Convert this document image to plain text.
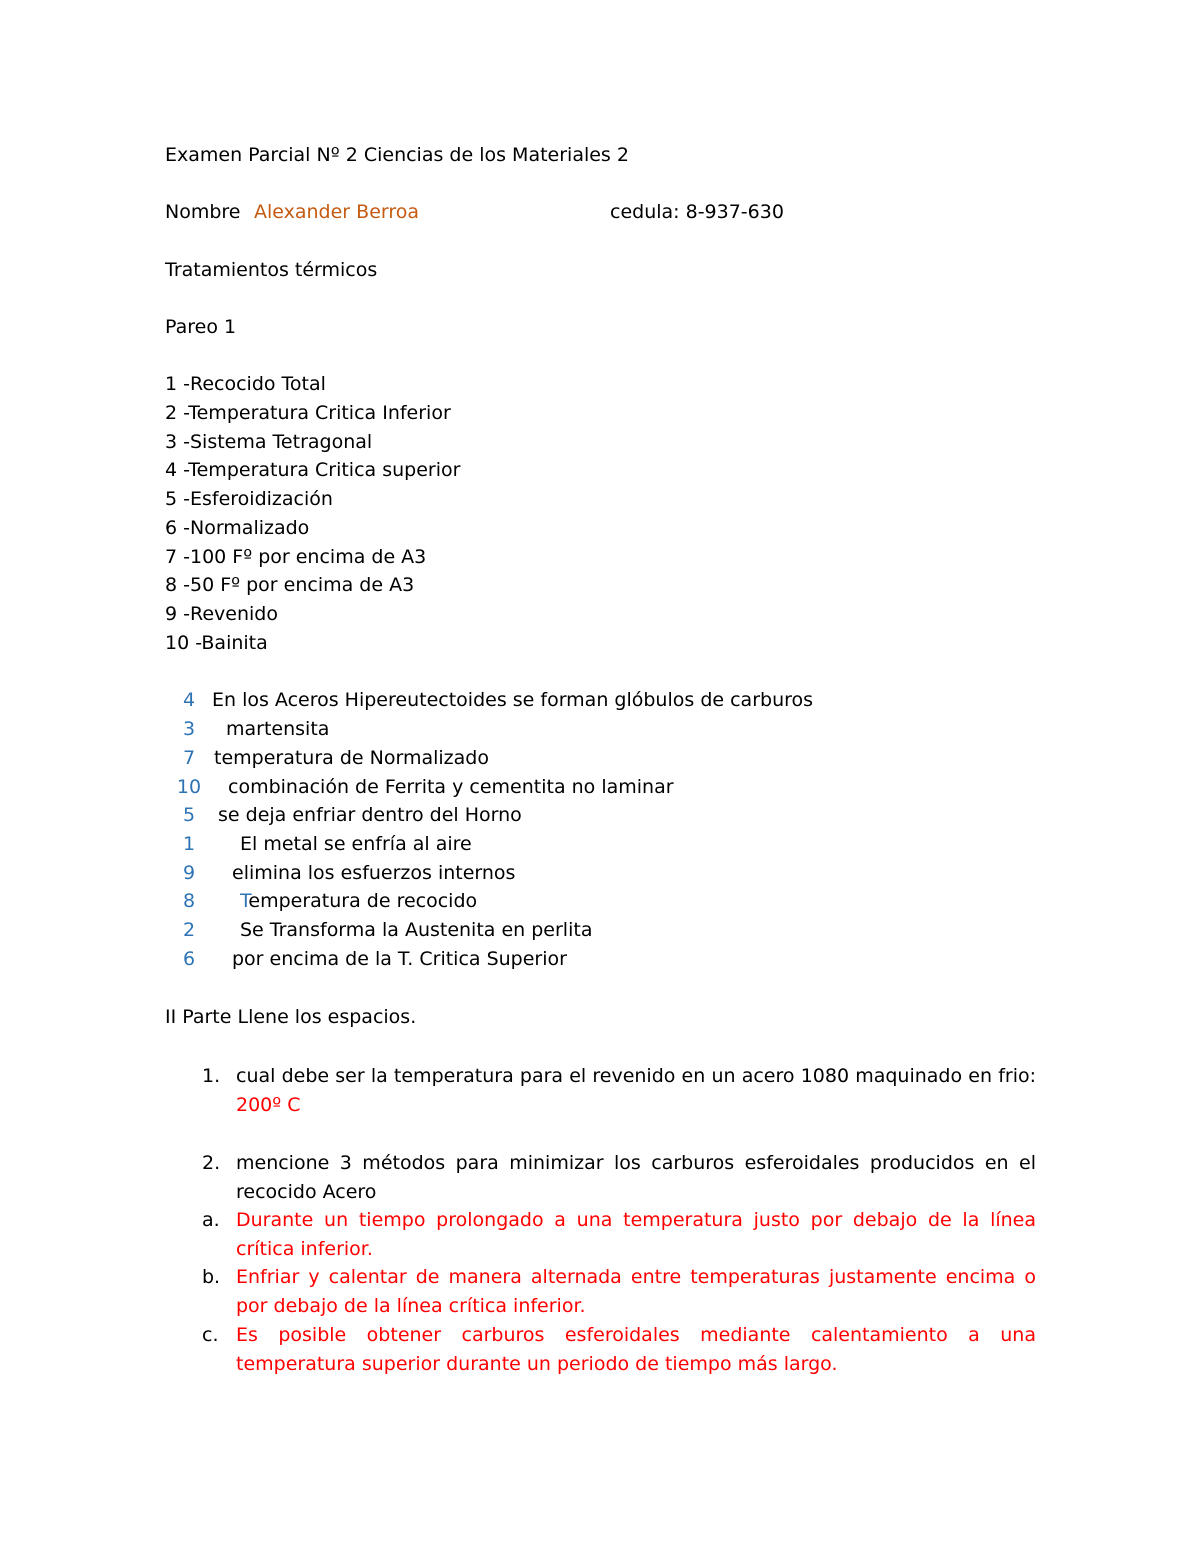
Examen Parcial Nº 2 Ciencias de los Materiales 2
Nombre Alexander Berroa	cedula: 8-937-630
Tratamientos térmicos
Pareo 1
1 -Recocido Total
2 -Temperatura Critica Inferior
3 -Sistema Tetragonal
4 -Temperatura Critica superior
5 -Esferoidización
6 -Normalizado
7 -100 Fº por encima de A3
8 -50 Fº por encima de A3
9 -Revenido
10 -Bainita
4 En los Aceros Hipereutectoides se forman glóbulos de carburos
3 martensita
7 temperatura de Normalizado
10 combinación de Ferrita y cementita no laminar
5 se deja enfriar dentro del Horno
1 El metal se enfría al aire
9 elimina los esfuerzos internos
8 Temperatura de recocido
2 Se Transforma la Austenita en perlita
6 por encima de la T. Critica Superior
II Parte Llene los espacios.
1. cual debe ser la temperatura para el revenido en un acero 1080 maquinado en frio: 200º C
2. mencione 3 métodos para minimizar los carburos esferoidales producidos en el recocido Acero
a. Durante un tiempo prolongado a una temperatura justo por debajo de la línea crítica inferior.
b. Enfriar y calentar de manera alternada entre temperaturas justamente encima o por debajo de la línea crítica inferior.
c. Es posible obtener carburos esferoidales mediante calentamiento a una temperatura superior durante un periodo de tiempo más largo.
